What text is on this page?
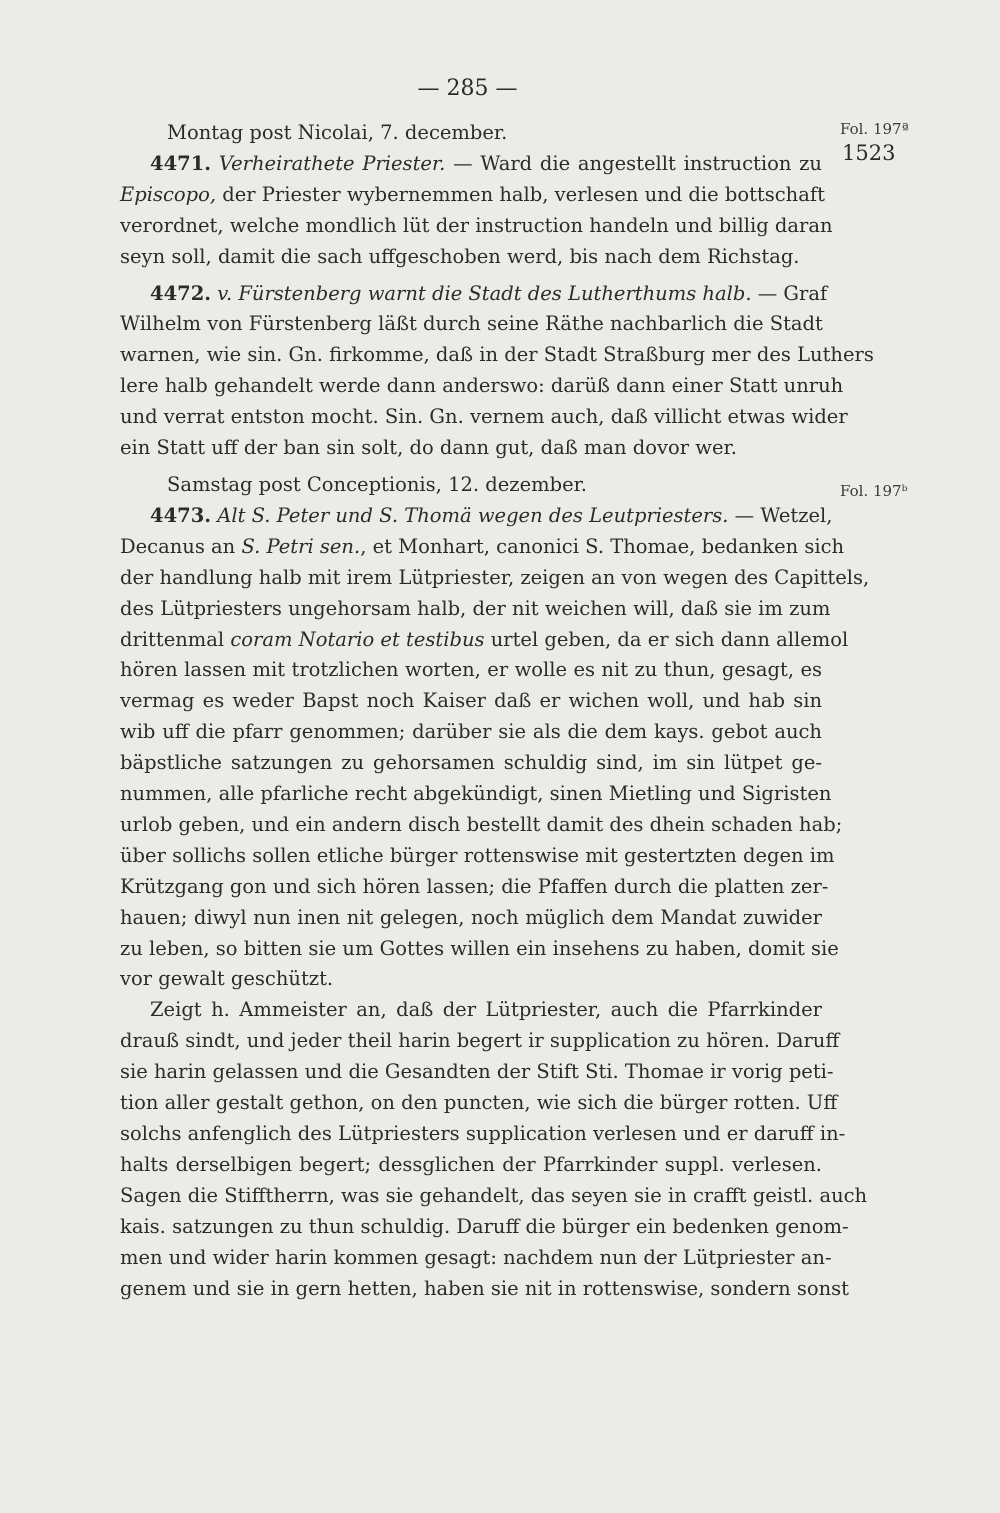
— 285 —
Fol. 197ª
1523
Fol. 197ᵇ
Montag post Nicolai, 7. december.
4471. Verheirathete Priester. — Ward die angestellt instruction zu
Episcopo, der Priester wybernemmen halb, verlesen und die bottschaft
verordnet, welche mondlich lüt der instruction handeln und billig daran
seyn soll, damit die sach uffgeschoben werd, bis nach dem Richstag.
4472. v. Fürstenberg warnt die Stadt des Lutherthums halb. — Graf
Wilhelm von Fürstenberg läßt durch seine Räthe nachbarlich die Stadt
warnen, wie sin. Gn. firkomme, daß in der Stadt Straßburg mer des Luthers
lere halb gehandelt werde dann anderswo: darüß dann einer Statt unruh
und verrat entston mocht. Sin. Gn. vernem auch, daß villicht etwas wider
ein Statt uff der ban sin solt, do dann gut, daß man dovor wer.
Samstag post Conceptionis, 12. dezember.
4473. Alt S. Peter und S. Thomä wegen des Leutpriesters. — Wetzel,
Decanus an S. Petri sen., et Monhart, canonici S. Thomae, bedanken sich
der handlung halb mit irem Lütpriester, zeigen an von wegen des Capittels,
des Lütpriesters ungehorsam halb, der nit weichen will, daß sie im zum
drittenmal coram Notario et testibus urtel geben, da er sich dann allemol
hören lassen mit trotzlichen worten, er wolle es nit zu thun, gesagt, es
vermag es weder Bapst noch Kaiser daß er wichen woll, und hab sin
wib uff die pfarr genommen; darüber sie als die dem kays. gebot auch
bäpstliche satzungen zu gehorsamen schuldig sind, im sin lütpet ge-
nummen, alle pfarliche recht abgekündigt, sinen Mietling und Sigristen
urlob geben, und ein andern disch bestellt damit des dhein schaden hab;
über sollichs sollen etliche bürger rottenswise mit gestertzten degen im
Krützgang gon und sich hören lassen; die Pfaffen durch die platten zer-
hauen; diwyl nun inen nit gelegen, noch müglich dem Mandat zuwider
zu leben, so bitten sie um Gottes willen ein insehens zu haben, domit sie
vor gewalt geschützt.
Zeigt h. Ammeister an, daß der Lütpriester, auch die Pfarrkinder
drauß sindt, und jeder theil harin begert ir supplication zu hören. Daruff
sie harin gelassen und die Gesandten der Stift Sti. Thomae ir vorig peti-
tion aller gestalt gethon, on den puncten, wie sich die bürger rotten. Uff
solchs anfenglich des Lütpriesters supplication verlesen und er daruff in-
halts derselbigen begert; dessglichen der Pfarrkinder suppl. verlesen.
Sagen die Stifftherrn, was sie gehandelt, das seyen sie in crafft geistl. auch
kais. satzungen zu thun schuldig. Daruff die bürger ein bedenken genom-
men und wider harin kommen gesagt: nachdem nun der Lütpriester an-
genem und sie in gern hetten, haben sie nit in rottenswise, sondern sonst
